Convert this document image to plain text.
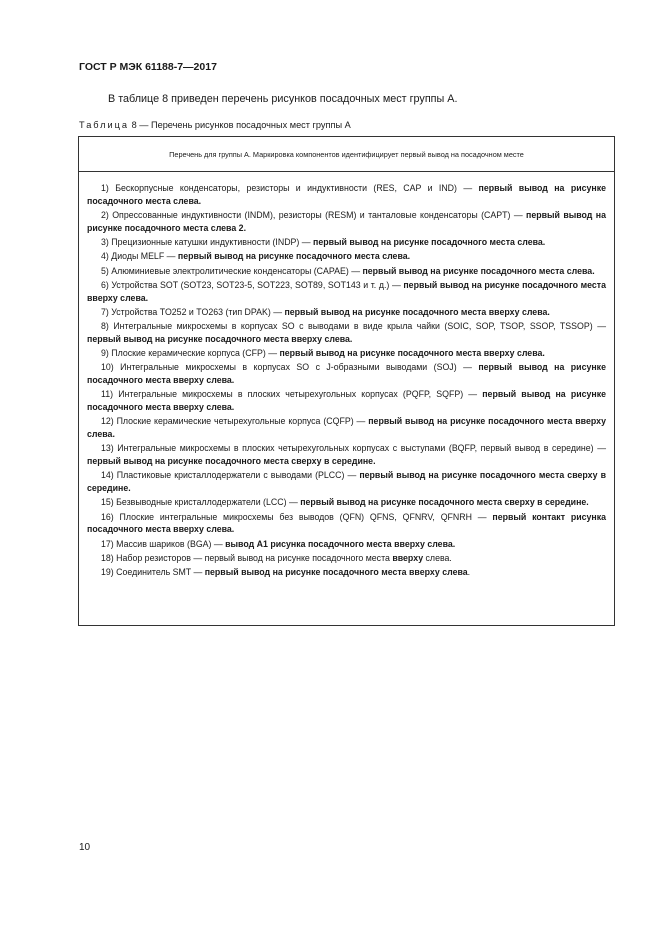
ГОСТ Р МЭК 61188-7—2017
В таблице 8 приведен перечень рисунков посадочных мест группы А.
Таблица 8 — Перечень рисунков посадочных мест группы А
Перечень для группы А. Маркировка компонентов идентифицирует первый вывод на посадочном месте
1) Бескорпусные конденсаторы, резисторы и индуктивности (RES, CAP и IND) — первый вывод на рисунке посадочного места слева.
2) Опрессованные индуктивности (INDM), резисторы (RESM) и танталовые конденсаторы (CAPT) — первый вывод на рисунке посадочного места слева 2.
3) Прецизионные катушки индуктивности (INDP) — первый вывод на рисунке посадочного места слева.
4) Диоды MELF — первый вывод на рисунке посадочного места слева.
5) Алюминиевые электролитические конденсаторы (CAPAE) — первый вывод на рисунке посадочного места слева.
6) Устройства SOT (SOT23, SOT23-5, SOT223, SOT89, SOT143 и т. д.) — первый вывод на рисунке посадочного места вверху слева.
7) Устройства TO252 и TO263 (тип DPAK) — первый вывод на рисунке посадочного места вверху слева.
8) Интегральные микросхемы в корпусах SO с выводами в виде крыла чайки (SOIC, SOP, TSOP, SSOP, TSSOP) — первый вывод на рисунке посадочного места вверху слева.
9) Плоские керамические корпуса (CFP) — первый вывод на рисунке посадочного места вверху слева.
10) Интегральные микросхемы в корпусах SO с J-образными выводами (SOJ) — первый вывод на рисунке посадочного места вверху слева.
11) Интегральные микросхемы в плоских четырехугольных корпусах (PQFP, SQFP) — первый вывод на рисунке посадочного места вверху слева.
12) Плоские керамические четырехугольные корпуса (CQFP) — первый вывод на рисунке посадочного места вверху слева.
13) Интегральные микросхемы в плоских четырехугольных корпусах с выступами (BQFP, первый вывод в середине) — первый вывод на рисунке посадочного места сверху в середине.
14) Пластиковые кристаллодержатели с выводами (PLCC) — первый вывод на рисунке посадочного места сверху в середине.
15) Безвыводные кристаллодержатели (LCC) — первый вывод на рисунке посадочного места сверху в середине.
16) Плоские интегральные микросхемы без выводов (QFN) QFNS, QFNRV, QFNRH — первый контакт рисунка посадочного места вверху слева.
17) Массив шариков (BGA) — вывод А1 рисунка посадочного места вверху слева.
18) Набор резисторов — первый вывод на рисунке посадочного места вверху слева.
19) Соединитель SMT — первый вывод на рисунке посадочного места вверху слева.
10
